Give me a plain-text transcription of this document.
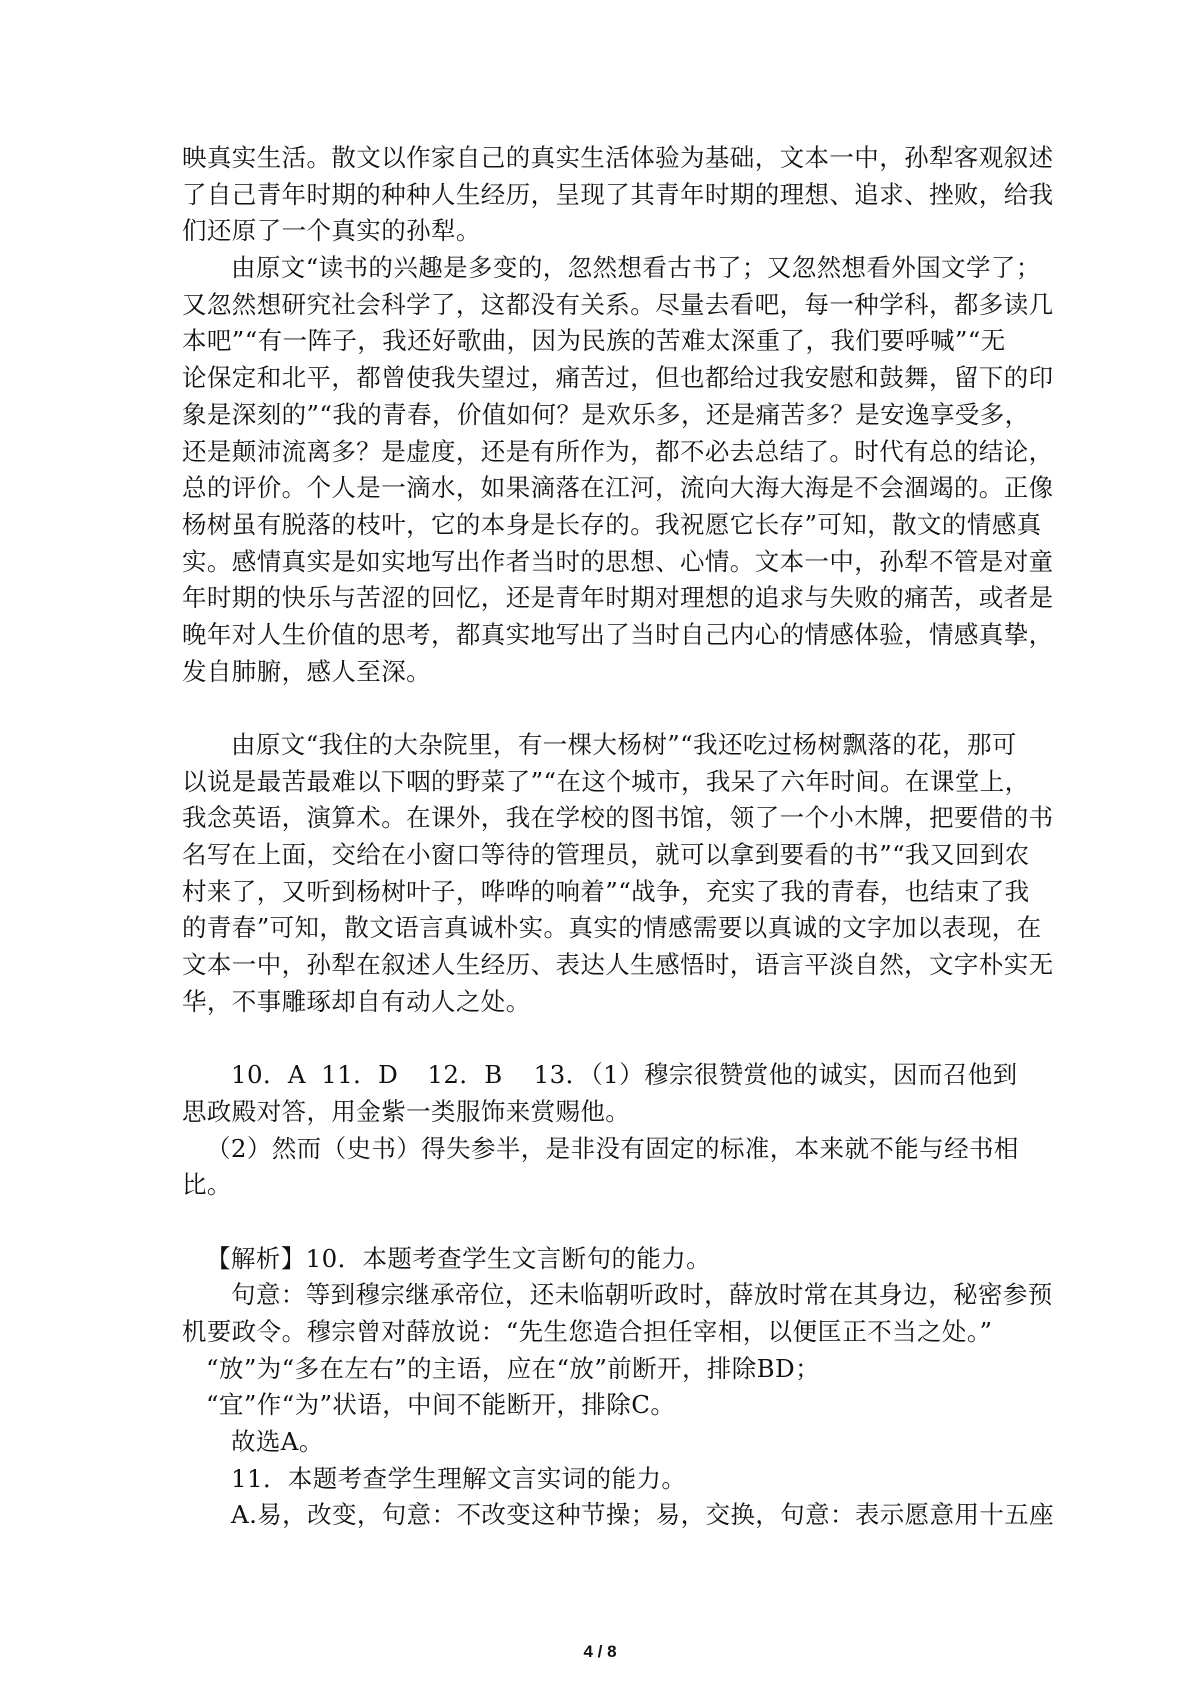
映真实生活。散文以作家自己的真实生活体验为基础，文本一中，孙犁客观叙述
了自己青年时期的种种人生经历，呈现了其青年时期的理想、追求、挫败，给我
们还原了一个真实的孙犁。
由原文“读书的兴趣是多变的，忽然想看古书了；又忽然想看外国文学了；
又忽然想研究社会科学了，这都没有关系。尽量去看吧，每一种学科，都多读几
本吧”“有一阵子，我还好歌曲，因为民族的苦难太深重了，我们要呼喊”“无
论保定和北平，都曾使我失望过，痛苦过，但也都给过我安慰和鼓舞，留下的印
象是深刻的”“我的青春，价值如何？是欢乐多，还是痛苦多？是安逸享受多，
还是颠沛流离多？是虚度，还是有所作为，都不必去总结了。时代有总的结论，
总的评价。个人是一滴水，如果滴落在江河，流向大海大海是不会涸竭的。正像
杨树虽有脱落的枝叶，它的本身是长存的。我祝愿它长存”可知，散文的情感真
实。感情真实是如实地写出作者当时的思想、心情。文本一中，孙犁不管是对童
年时期的快乐与苦涩的回忆，还是青年时期对理想的追求与失败的痛苦，或者是
晚年对人生价值的思考，都真实地写出了当时自己内心的情感体验，情感真挚，
发自肺腑，感人至深。
由原文“我住的大杂院里，有一棵大杨树”“我还吃过杨树飘落的花，那可
以说是最苦最难以下咽的野菜了”“在这个城市，我呆了六年时间。在课堂上，
我念英语，演算术。在课外，我在学校的图书馆，领了一个小木牌，把要借的书
名写在上面，交给在小窗口等待的管理员，就可以拿到要看的书”“我又回到农
村来了，又听到杨树叶子，哗哗的响着”“战争，充实了我的青春，也结束了我
的青春”可知，散文语言真诚朴实。真实的情感需要以真诚的文字加以表现，在
文本一中，孙犁在叙述人生经历、表达人生感悟时，语言平淡自然，文字朴实无
华，不事雕琢却自有动人之处。
10．A 11．D 12．B 13．（1）穆宗很赞赏他的诚实，因而召他到
思政殿对答，用金紫一类服饰来赏赐他。
（2）然而（史书）得失参半，是非没有固定的标准，本来就不能与经书相
比。
【解析】10．本题考查学生文言断句的能力。
句意：等到穆宗继承帝位，还未临朝听政时，薛放时常在其身边，秘密参预
机要政令。穆宗曾对薛放说：“先生您造合担任宰相，以便匡正不当之处。”
“放”为“多在左右”的主语，应在“放”前断开，排除BD；
“宜”作“为”状语，中间不能断开，排除C。
故选A。
11．本题考查学生理解文言实词的能力。
A.易，改变，句意：不改变这种节操；易，交换，句意：表示愿意用十五座
4 / 8
